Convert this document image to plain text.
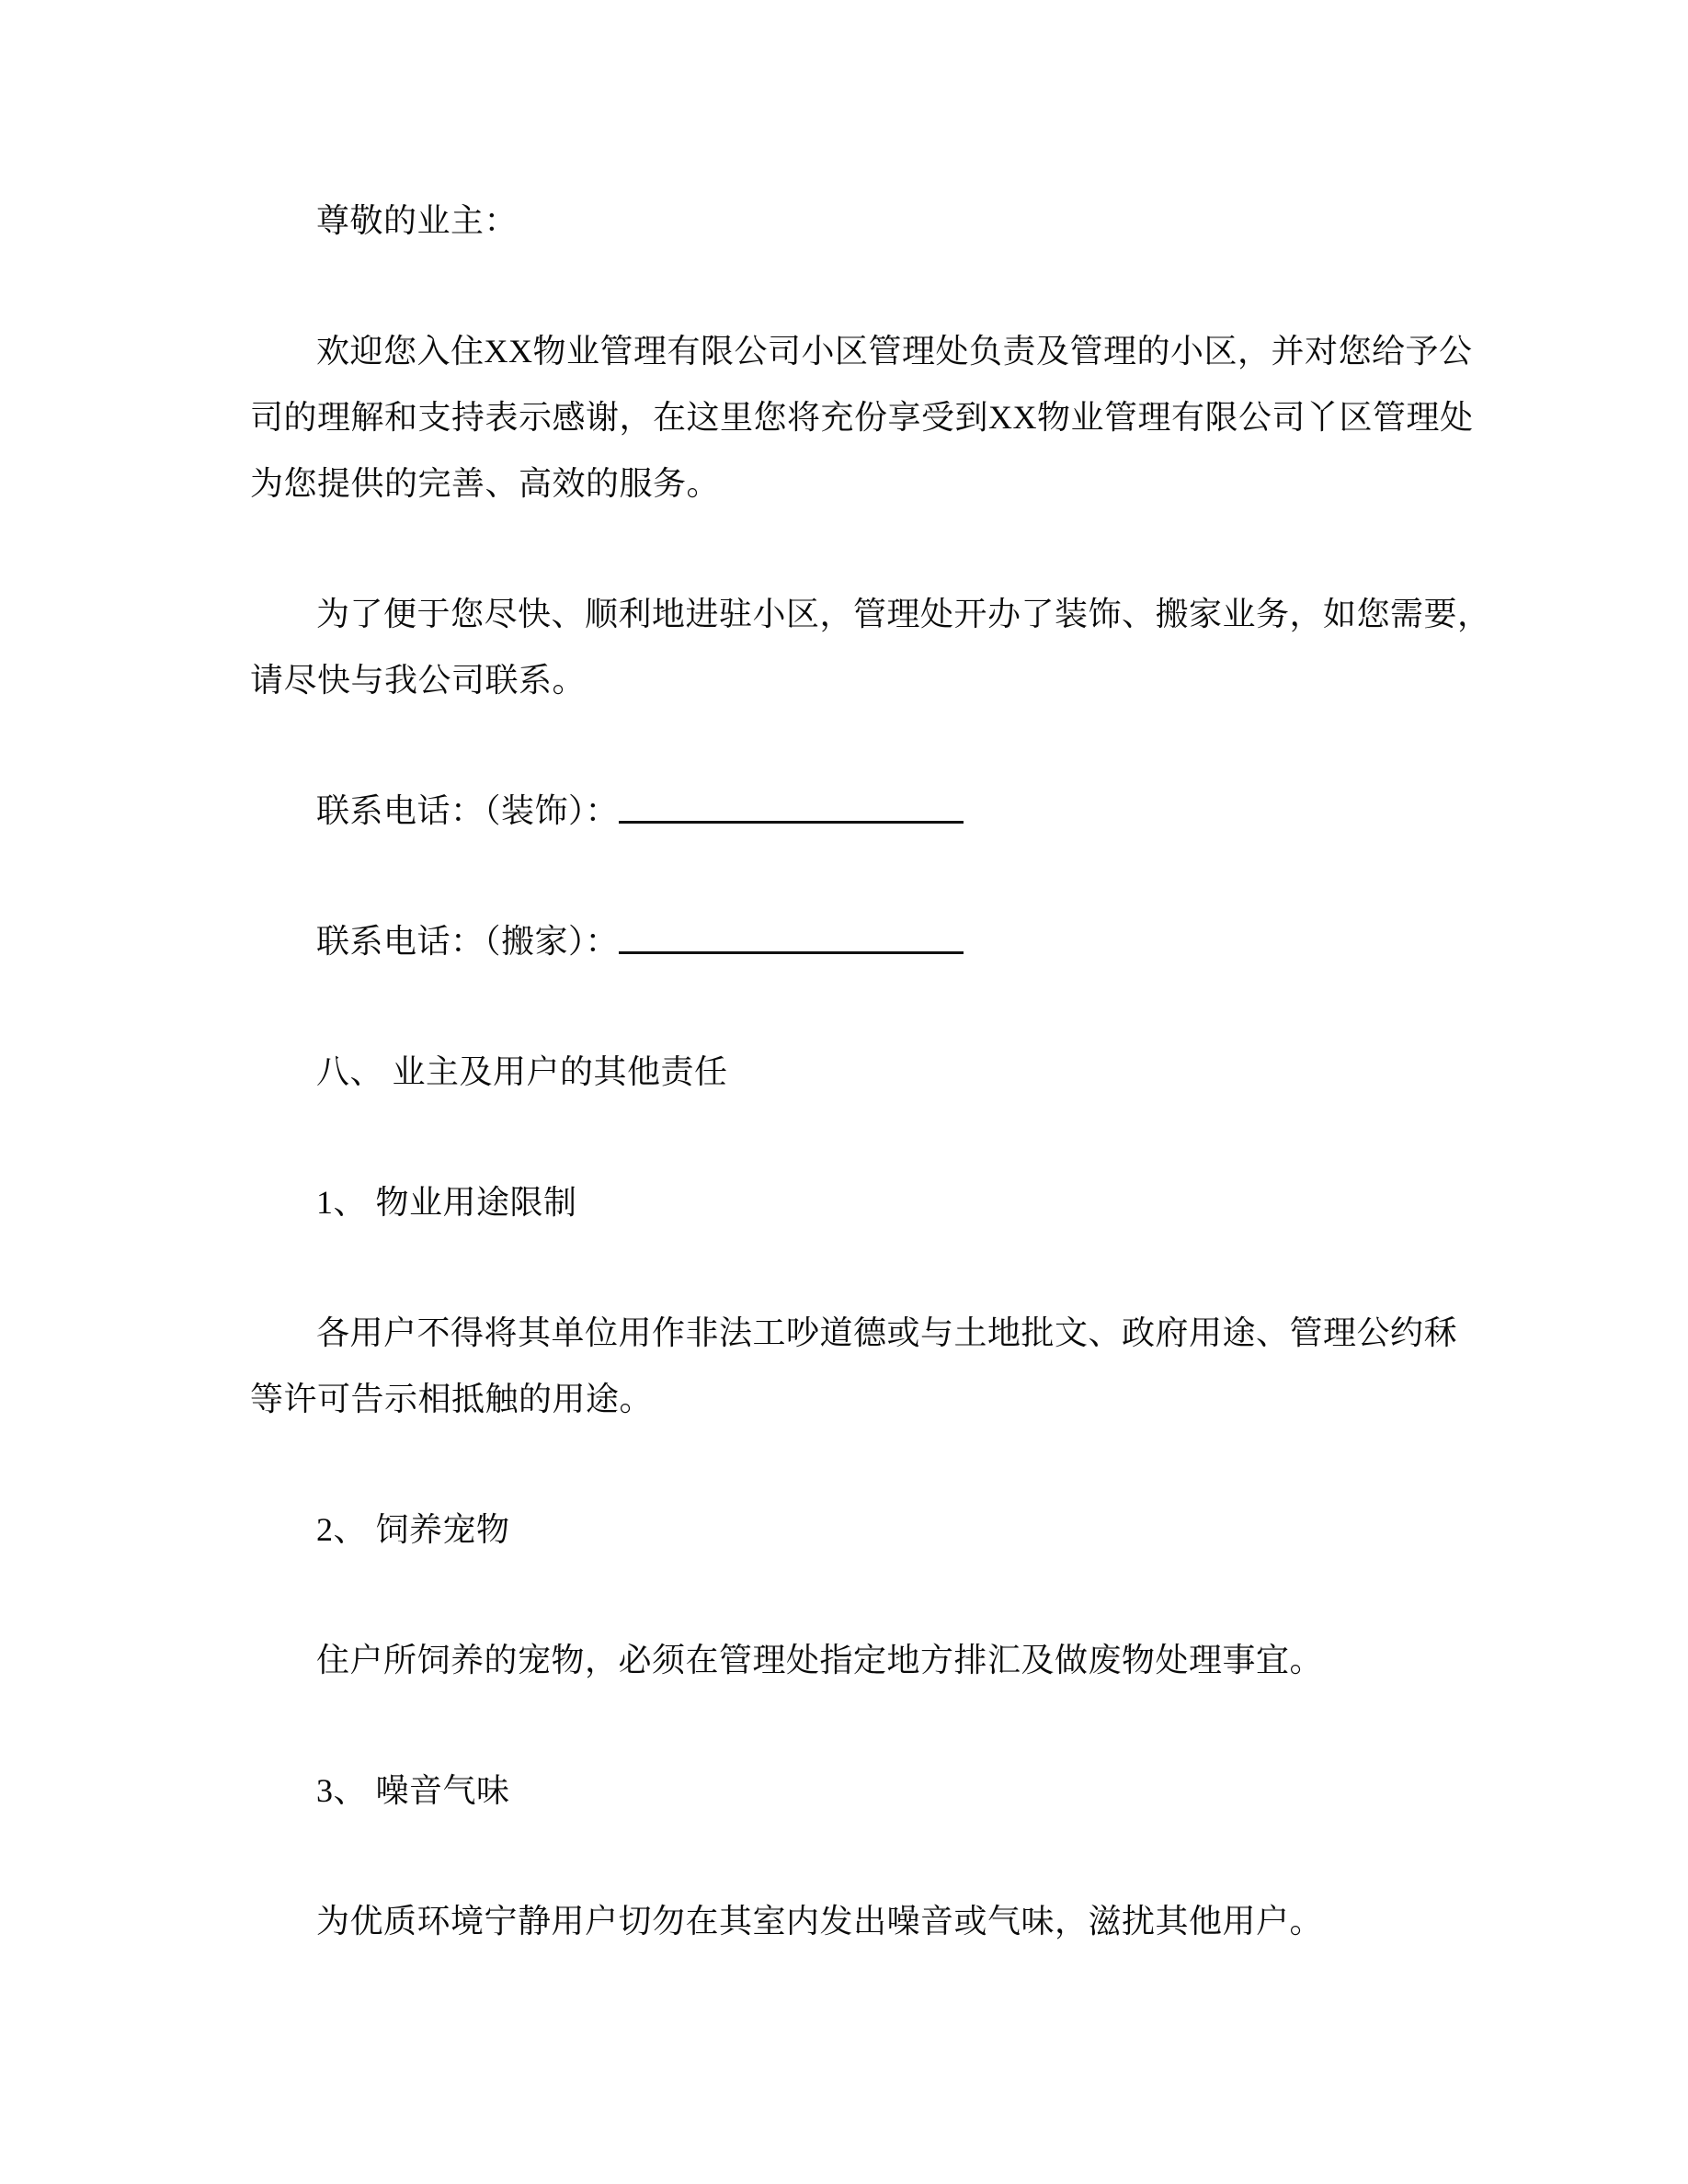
尊敬的业主：
欢迎您入住XX物业管理有限公司小区管理处负责及管理的小区，并对您给予公
司的理解和支持表示感谢，在这里您将充份享受到XX物业管理有限公司丫区管理处
为您提供的完善、高效的服务。
为了便于您尽快、顺利地进驻小区，管理处开办了装饰、搬家业务，如您需要，
请尽快与我公司联系。
联系电话：（装饰）：
联系电话：（搬家）：
八、 业主及用户的其他责任
1、 物业用途限制
各用户不得将其单位用作非法工吵道德或与土地批文、政府用途、管理公约秝
等许可告示相抵触的用途。
2、 饲养宠物
住户所饲养的宠物，必须在管理处指定地方排汇及做废物处理事宜。
3、 噪音气味
为优质环境宁静用户切勿在其室内发出噪音或气味，滋扰其他用户。
